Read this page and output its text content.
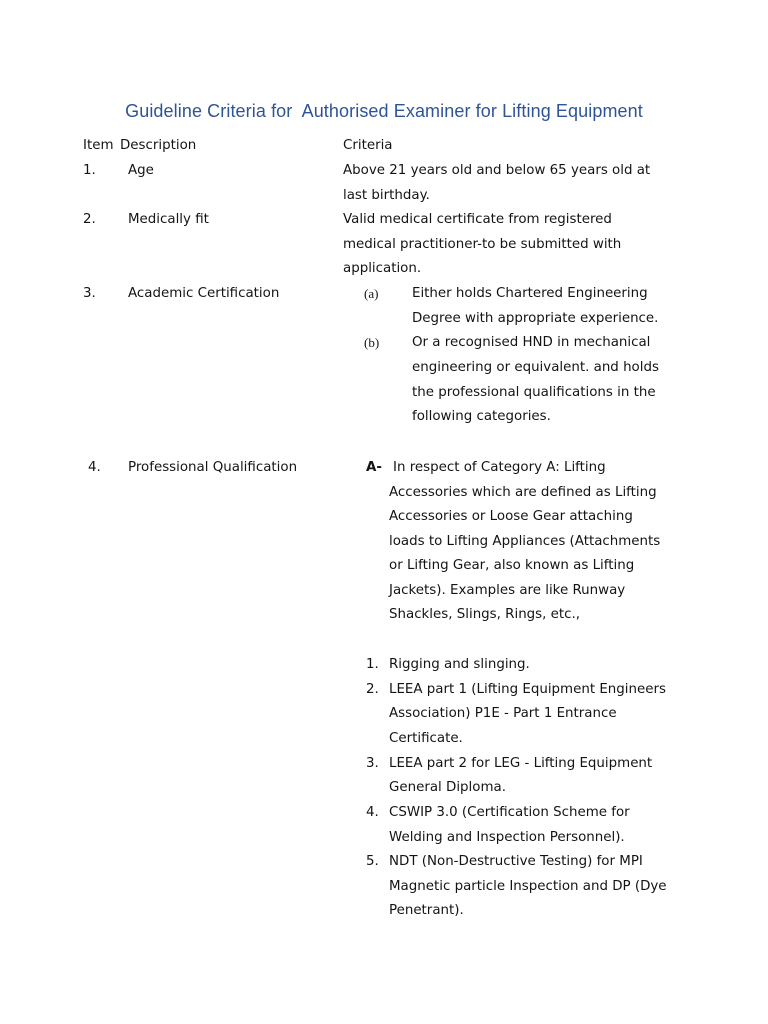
Guideline Criteria for  Authorised Examiner for Lifting Equipment
Item Description	Criteria
1. Age	Above 21 years old and below 65 years old at
last birthday.
2. Medically fit	Valid medical certificate from registered
medical practitioner-to be submitted with
application.
3. Academic Certification	(a)	Either holds Chartered Engineering
Degree with appropriate experience.
(b) Or a recognised HND in mechanical
engineering or equivalent. and holds
the professional qualifications in the
following categories.
4. Professional Qualification	A- In respect of Category A: Lifting
Accessories which are defined as Lifting
Accessories or Loose Gear attaching
loads to Lifting Appliances (Attachments
or Lifting Gear, also known as Lifting
Jackets). Examples are like Runway
Shackles, Slings, Rings, etc.,
1. Rigging and slinging.
2. LEEA part 1 (Lifting Equipment Engineers
Association) P1E - Part 1 Entrance
Certificate.
3. LEEA part 2 for LEG - Lifting Equipment
General Diploma.
4. CSWIP 3.0 (Certification Scheme for
Welding and Inspection Personnel).
5. NDT (Non-Destructive Testing) for MPI
Magnetic particle Inspection and DP (Dye
Penetrant).
